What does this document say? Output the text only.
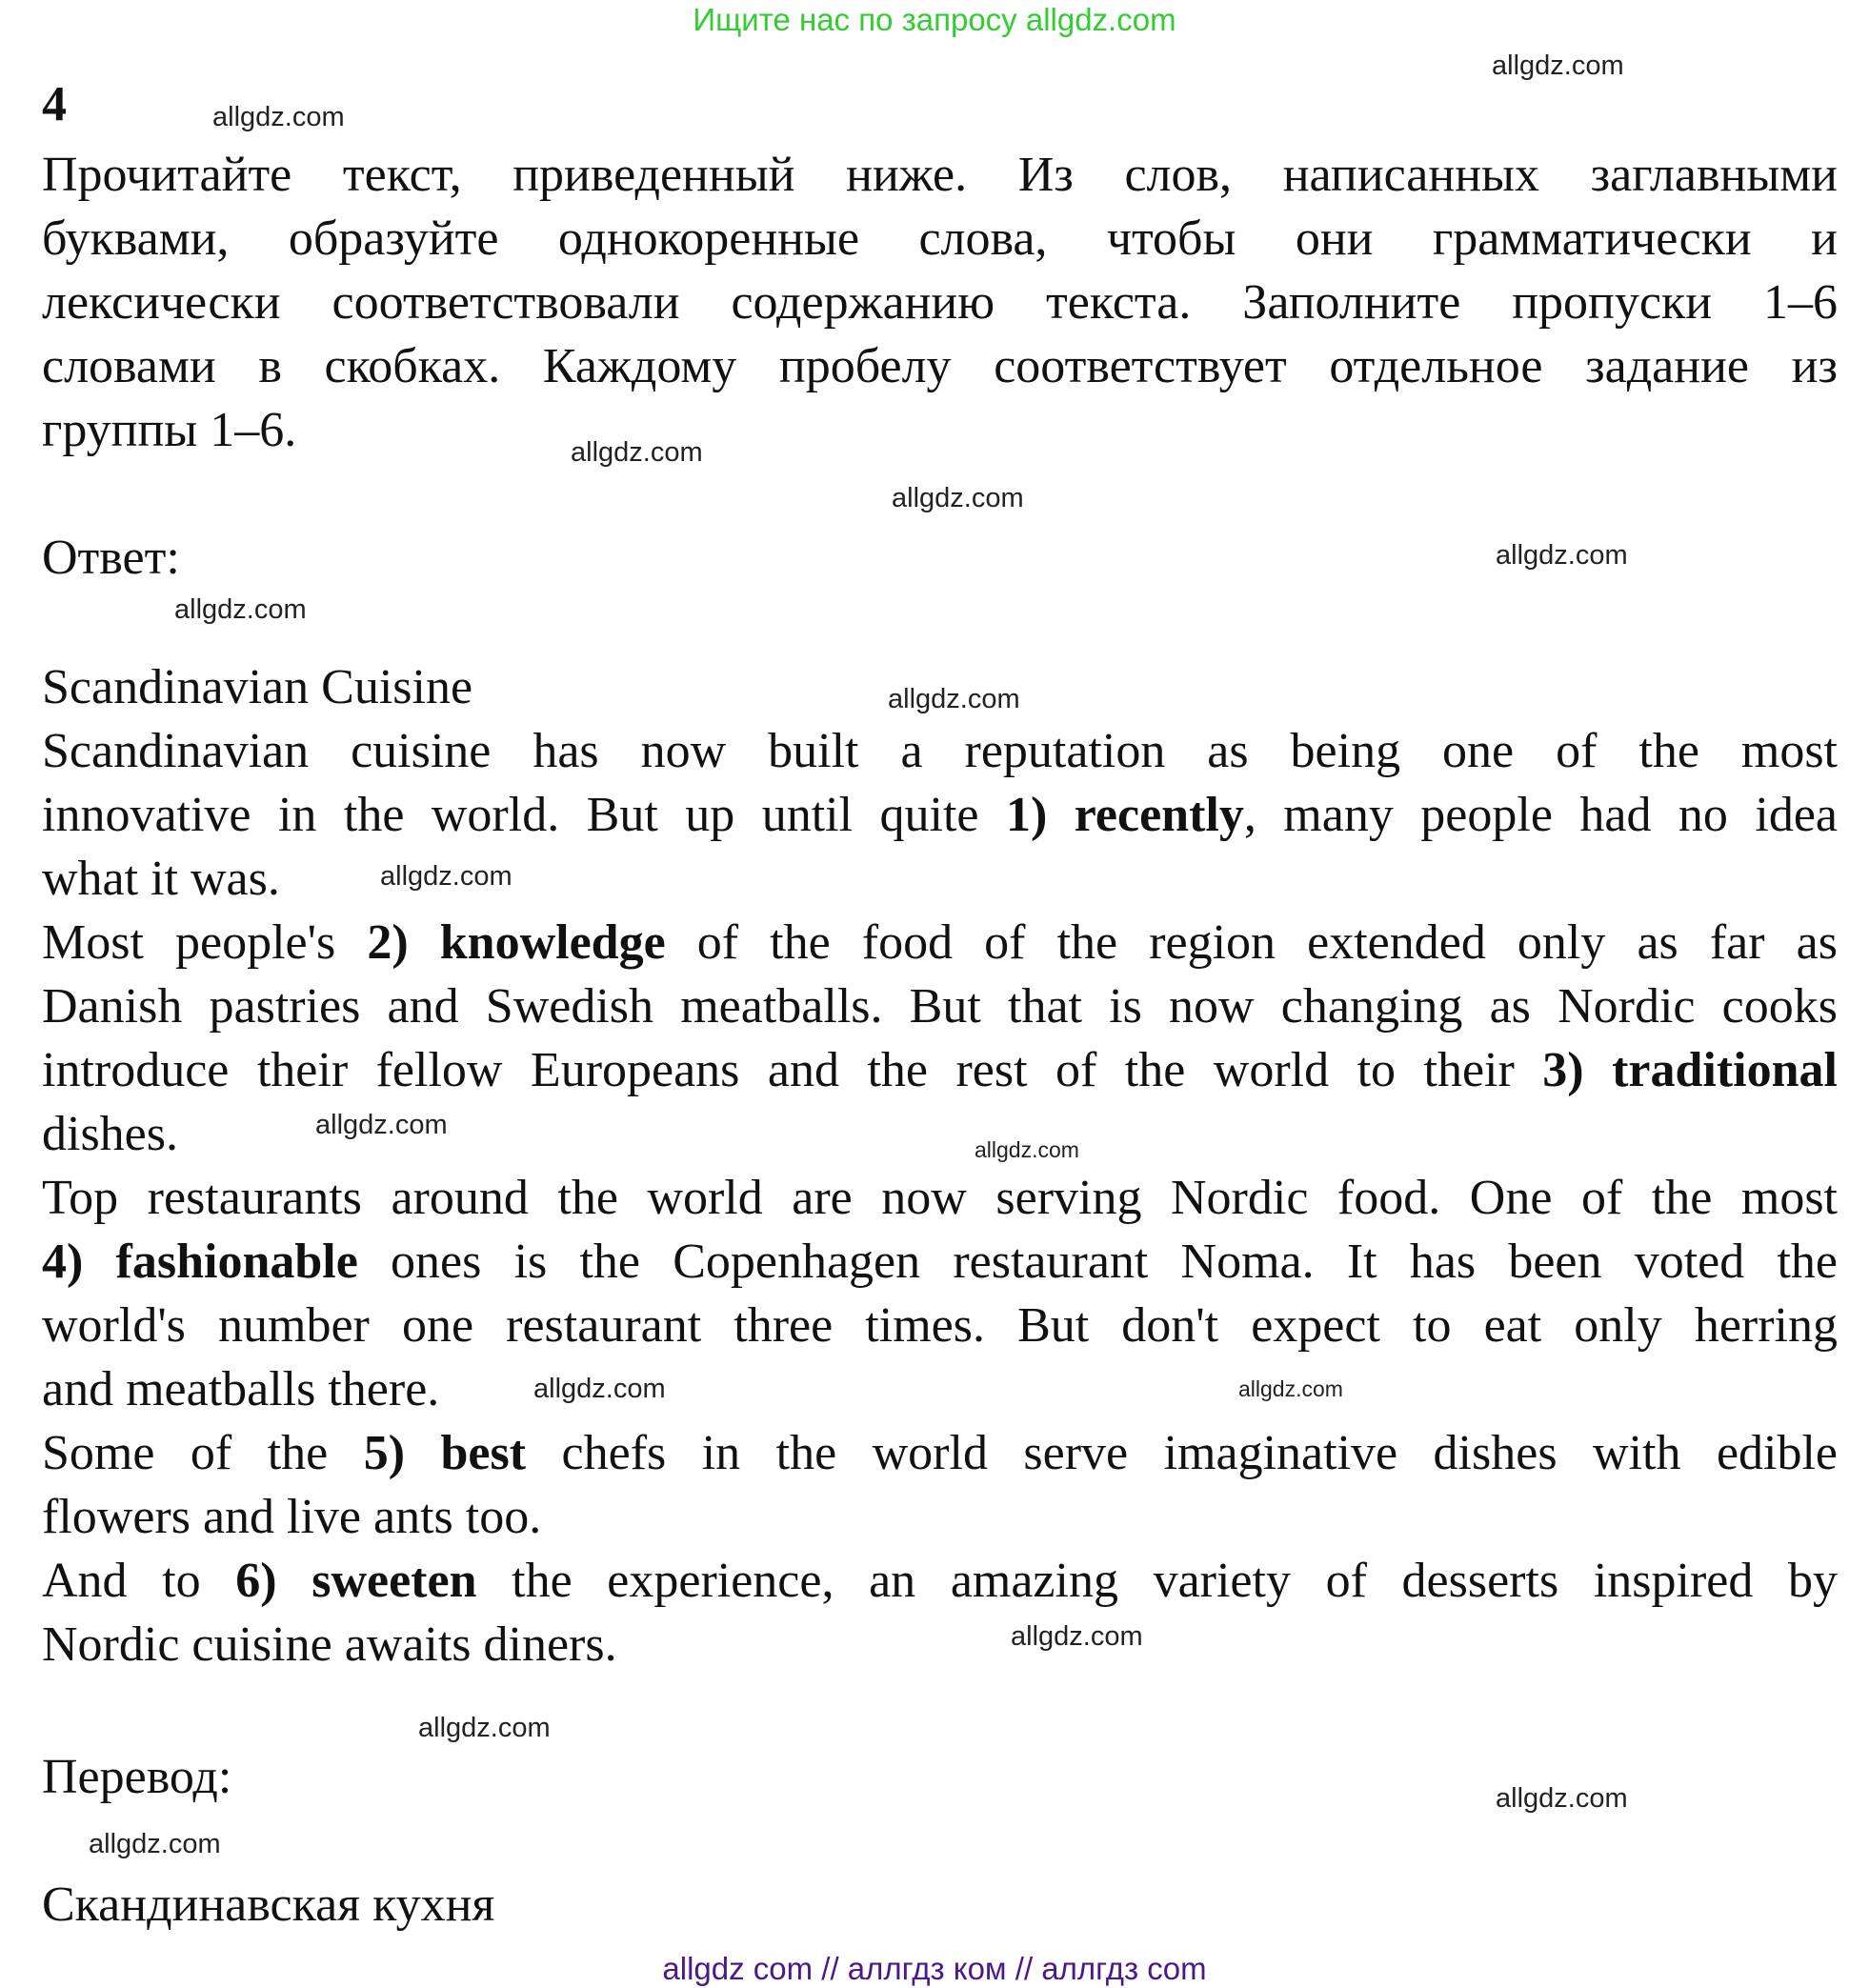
Ищите нас по запросу allgdz.com
4
Прочитайте текст, приведенный ниже. Из слов, написанных заглавными
буквами, образуйте однокоренные слова, чтобы они грамматически и
лексически соответствовали содержанию текста. Заполните пропуски 1–6
словами в скобках. Каждому пробелу соответствует отдельное задание из
группы 1–6.
Ответ:
Scandinavian Cuisine
Scandinavian cuisine has now built a reputation as being one of the most
innovative in the world. But up until quite 1) recently, many people had no idea
what it was.
Most people's 2) knowledge of the food of the region extended only as far as
Danish pastries and Swedish meatballs. But that is now changing as Nordic cooks
introduce their fellow Europeans and the rest of the world to their 3) traditional
dishes.
Top restaurants around the world are now serving Nordic food. One of the most
4) fashionable ones is the Copenhagen restaurant Noma. It has been voted the
world's number one restaurant three times. But don't expect to eat only herring
and meatballs there.
Some of the 5) best chefs in the world serve imaginative dishes with edible
flowers and live ants too.
And to 6) sweeten the experience, an amazing variety of desserts inspired by
Nordic cuisine awaits diners.
Перевод:
Скандинавская кухня
allgdz.com
allgdz.com
allgdz.com
allgdz.com
allgdz.com
allgdz.com
allgdz.com
allgdz.com
allgdz.com
allgdz.com
allgdz.com
allgdz.com
allgdz.com
allgdz.com
allgdz.com
allgdz.com
allgdz com // аллгдз ком // аллгдз com
